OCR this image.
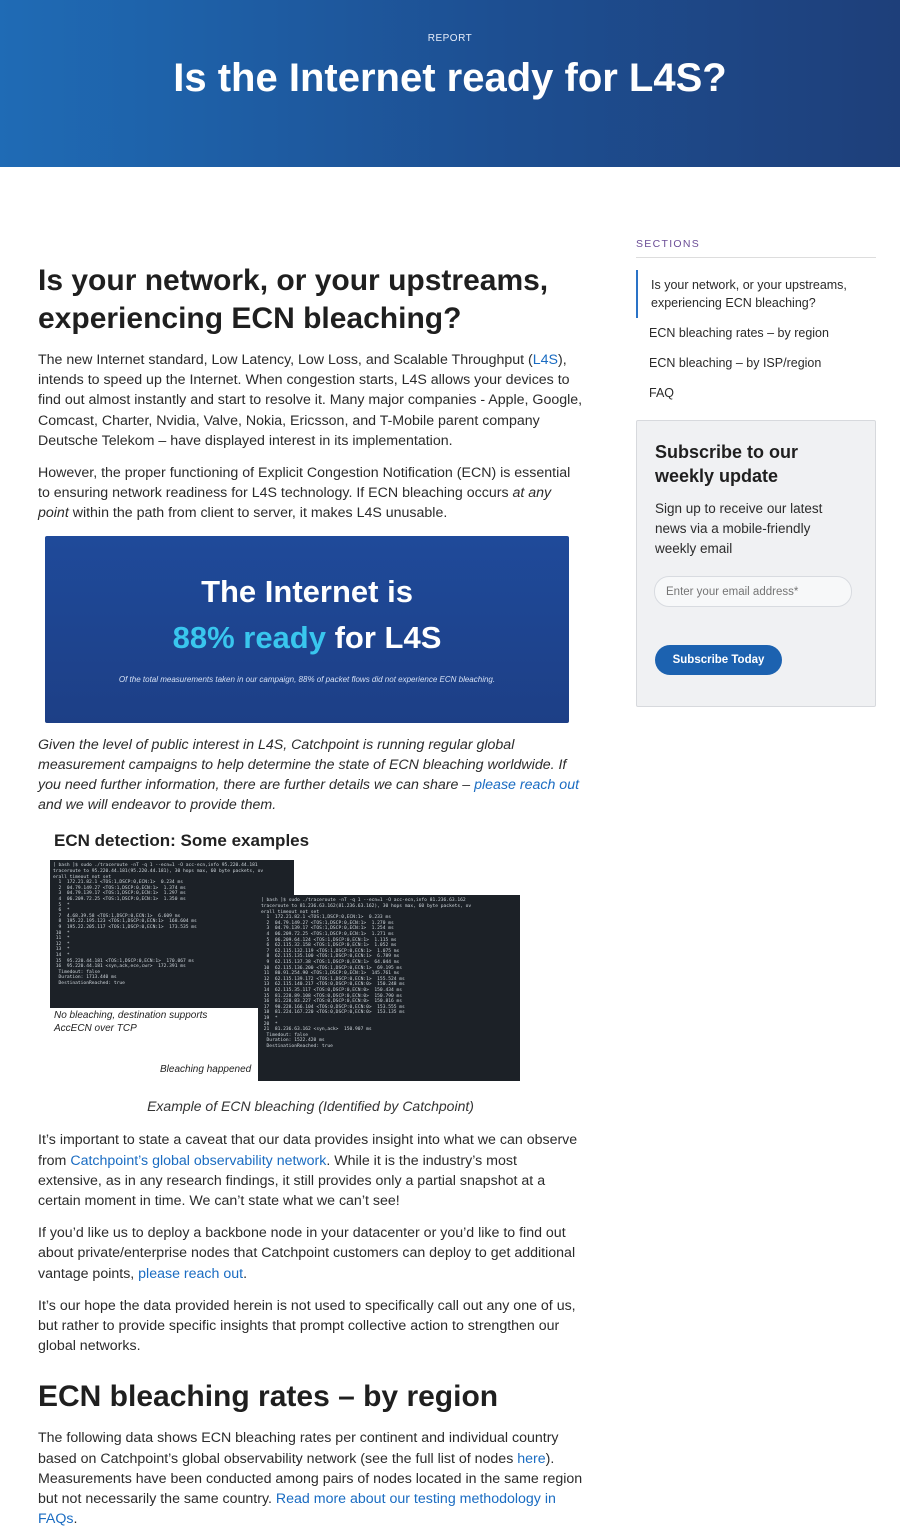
REPORT
Is the Internet ready for L4S?
Is your network, or your upstreams, experiencing ECN bleaching?

The new Internet standard, Low Latency, Low Loss, and Scalable Throughput (L4S), intends to speed up the Internet. When congestion starts, L4S allows your devices to find out almost instantly and start to resolve it. Many major companies - Apple, Google, Comcast, Charter, Nvidia, Valve, Nokia, Ericsson, and T-Mobile parent company Deutsche Telekom – have displayed interest in its implementation.

However, the proper functioning of Explicit Congestion Notification (ECN) is essential to ensuring network readiness for L4S technology. If ECN bleaching occurs at any point within the path from client to server, it makes L4S unusable.

The Internet is
88% ready for L4S
Of the total measurements taken in our campaign, 88% of packet flows did not experience ECN bleaching.

Given the level of public interest in L4S, Catchpoint is running regular global measurement campaigns to help determine the state of ECN bleaching worldwide. If you need further information, there are further details we can share – please reach out and we will endeavor to provide them.

ECN detection: Some examples
[ bash ]$ sudo ./traceroute -nT -q 1 --ecn=1 -O acc-ecn,info 95.220.44.181
traceroute to 95.220.44.181(95.220.44.181), 30 hops max, 60 byte packets, ov
erall timeout not set
1  172.21.82.1 <TOS:1,DSCP:0,ECN:1>  0.234 ms
2  04.79.149.27 <TOS:1,DSCP:0,ECN:1>  1.374 ms
3  04.79.139.17 <TOS:1,DSCP:0,ECN:1>  1.297 ms
4  06.209.72.25 <TOS:1,DSCP:0,ECN:1>  1.350 ms
5  *
6  *
7  4.68.39.58 <TOS:1,DSCP:0,ECN:1>  6.609 ms
8  195.22.195.123 <TOS:1,DSCP:0,ECN:1>  168.604 ms
9  195.22.205.117 <TOS:1,DSCP:0,ECN:1>  173.535 ms
10  *
11  *
12  *
13  *
14  *
15  95.220.44.181 <TOS:1,DSCP:0,ECN:1>  170.067 ms
16  95.220.44.181 <syn,ack,ece,cwr>  172.391 ms
Timedout: false
Duration: 1713.440 ms
DestinationReached: true
No bleaching, destination supports AccECN over TCP
[ bash ]$ sudo ./traceroute -nT -q 1 --ecn=1 -O acc-ecn,info 81.236.63.162
traceroute to 81.236.63.162(81.236.63.162), 30 hops max, 60 byte packets, ov
erall timeout not set
1  172.21.82.1 <TOS:1,DSCP:0,ECN:1>  0.233 ms
2  04.79.149.27 <TOS:1,DSCP:0,ECN:1>  1.270 ms
3  04.79.139.17 <TOS:1,DSCP:0,ECN:1>  1.254 ms
4  06.209.72.25 <TOS:1,DSCP:0,ECN:1>  1.271 ms
5  06.209.64.124 <TOS:1,DSCP:0,ECN:1>  1.115 ms
6  62.115.32.158 <TOS:1,DSCP:0,ECN:1>  1.052 ms
7  62.115.132.119 <TOS:1,DSCP:0,ECN:1>  1.075 ms
8  62.115.135.100 <TOS:1,DSCP:0,ECN:1>  6.789 ms
9  62.115.137.38 <TOS:1,DSCP:0,ECN:1>  64.044 ms
10  62.115.136.200 <TOS:1,DSCP:0,ECN:1>  69.195 ms
11  80.91.254.90 <TOS:1,DSCP:0,ECN:1>  145.761 ms
12  62.115.139.172 <TOS:1,DSCP:0,ECN:1>  155.524 ms
13  62.115.140.217 <TOS:0,DSCP:0,ECN:0>  150.248 ms
14  62.115.35.117 <TOS:0,DSCP:0,ECN:0>  150.434 ms
15  81.228.89.108 <TOS:0,DSCP:0,ECN:0>  150.790 ms
16  81.228.83.227 <TOS:0,DSCP:0,ECN:0>  150.816 ms
17  90.228.166.104 <TOS:0,DSCP:0,ECN:0>  153.555 ms
18  81.224.167.220 <TOS:0,DSCP:0,ECN:0>  153.135 ms
19  *
20  *
21  81.236.63.162 <syn,ack>  150.907 ms
Timedout: false
Duration: 1522.420 ms
DestinationReached: true
Bleaching happened
Example of ECN bleaching (Identified by Catchpoint)

It’s important to state a caveat that our data provides insight into what we can observe from Catchpoint’s global observability network. While it is the industry’s most extensive, as in any research findings, it still provides only a partial snapshot at a certain moment in time. We can’t state what we can’t see!

If you’d like us to deploy a backbone node in your datacenter or you’d like to find out about private/enterprise nodes that Catchpoint customers can deploy to get additional vantage points, please reach out.

It’s our hope the data provided herein is not used to specifically call out any one of us, but rather to provide specific insights that prompt collective action to strengthen our global networks.

ECN bleaching rates – by region

The following data shows ECN bleaching rates per continent and individual country based on Catchpoint’s global observability network (see the full list of nodes here). Measurements have been conducted among pairs of nodes located in the same region but not necessarily the same country. Read more about our testing methodology in FAQs.

SECTIONS
Is your network, or your upstreams, experiencing ECN bleaching?
ECN bleaching rates – by region
ECN bleaching – by ISP/region
FAQ
Subscribe to our weekly update
Sign up to receive our latest news via a mobile-friendly weekly email
Enter your email address*
Subscribe Today
